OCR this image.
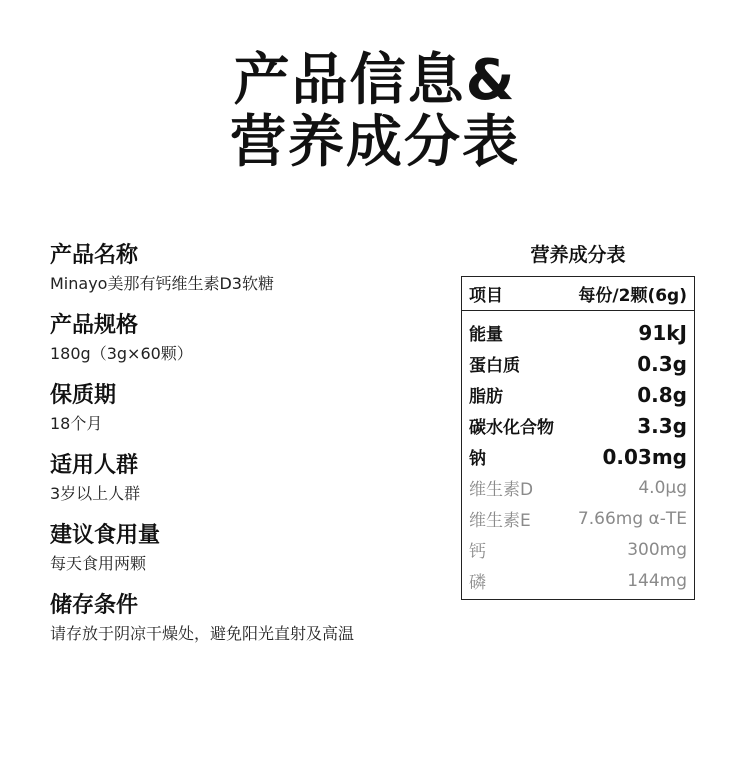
产品信息&
营养成分表
产品名称
Minayo美那有钙维生素D3软糖
产品规格
180g（3g×60颗）
保质期
18个月
适用人群
3岁以上人群
建议食用量
每天食用两颗
储存条件
请存放于阴凉干燥处，避免阳光直射及高温
营养成分表
项目	每份/2颗(6g)
能量	91kJ
蛋白质	0.3g
脂肪	0.8g
碳水化合物	3.3g
钠	0.03mg
维生素D	4.0μg
维生素E	7.66mg α-TE
钙	300mg
磷	144mg
